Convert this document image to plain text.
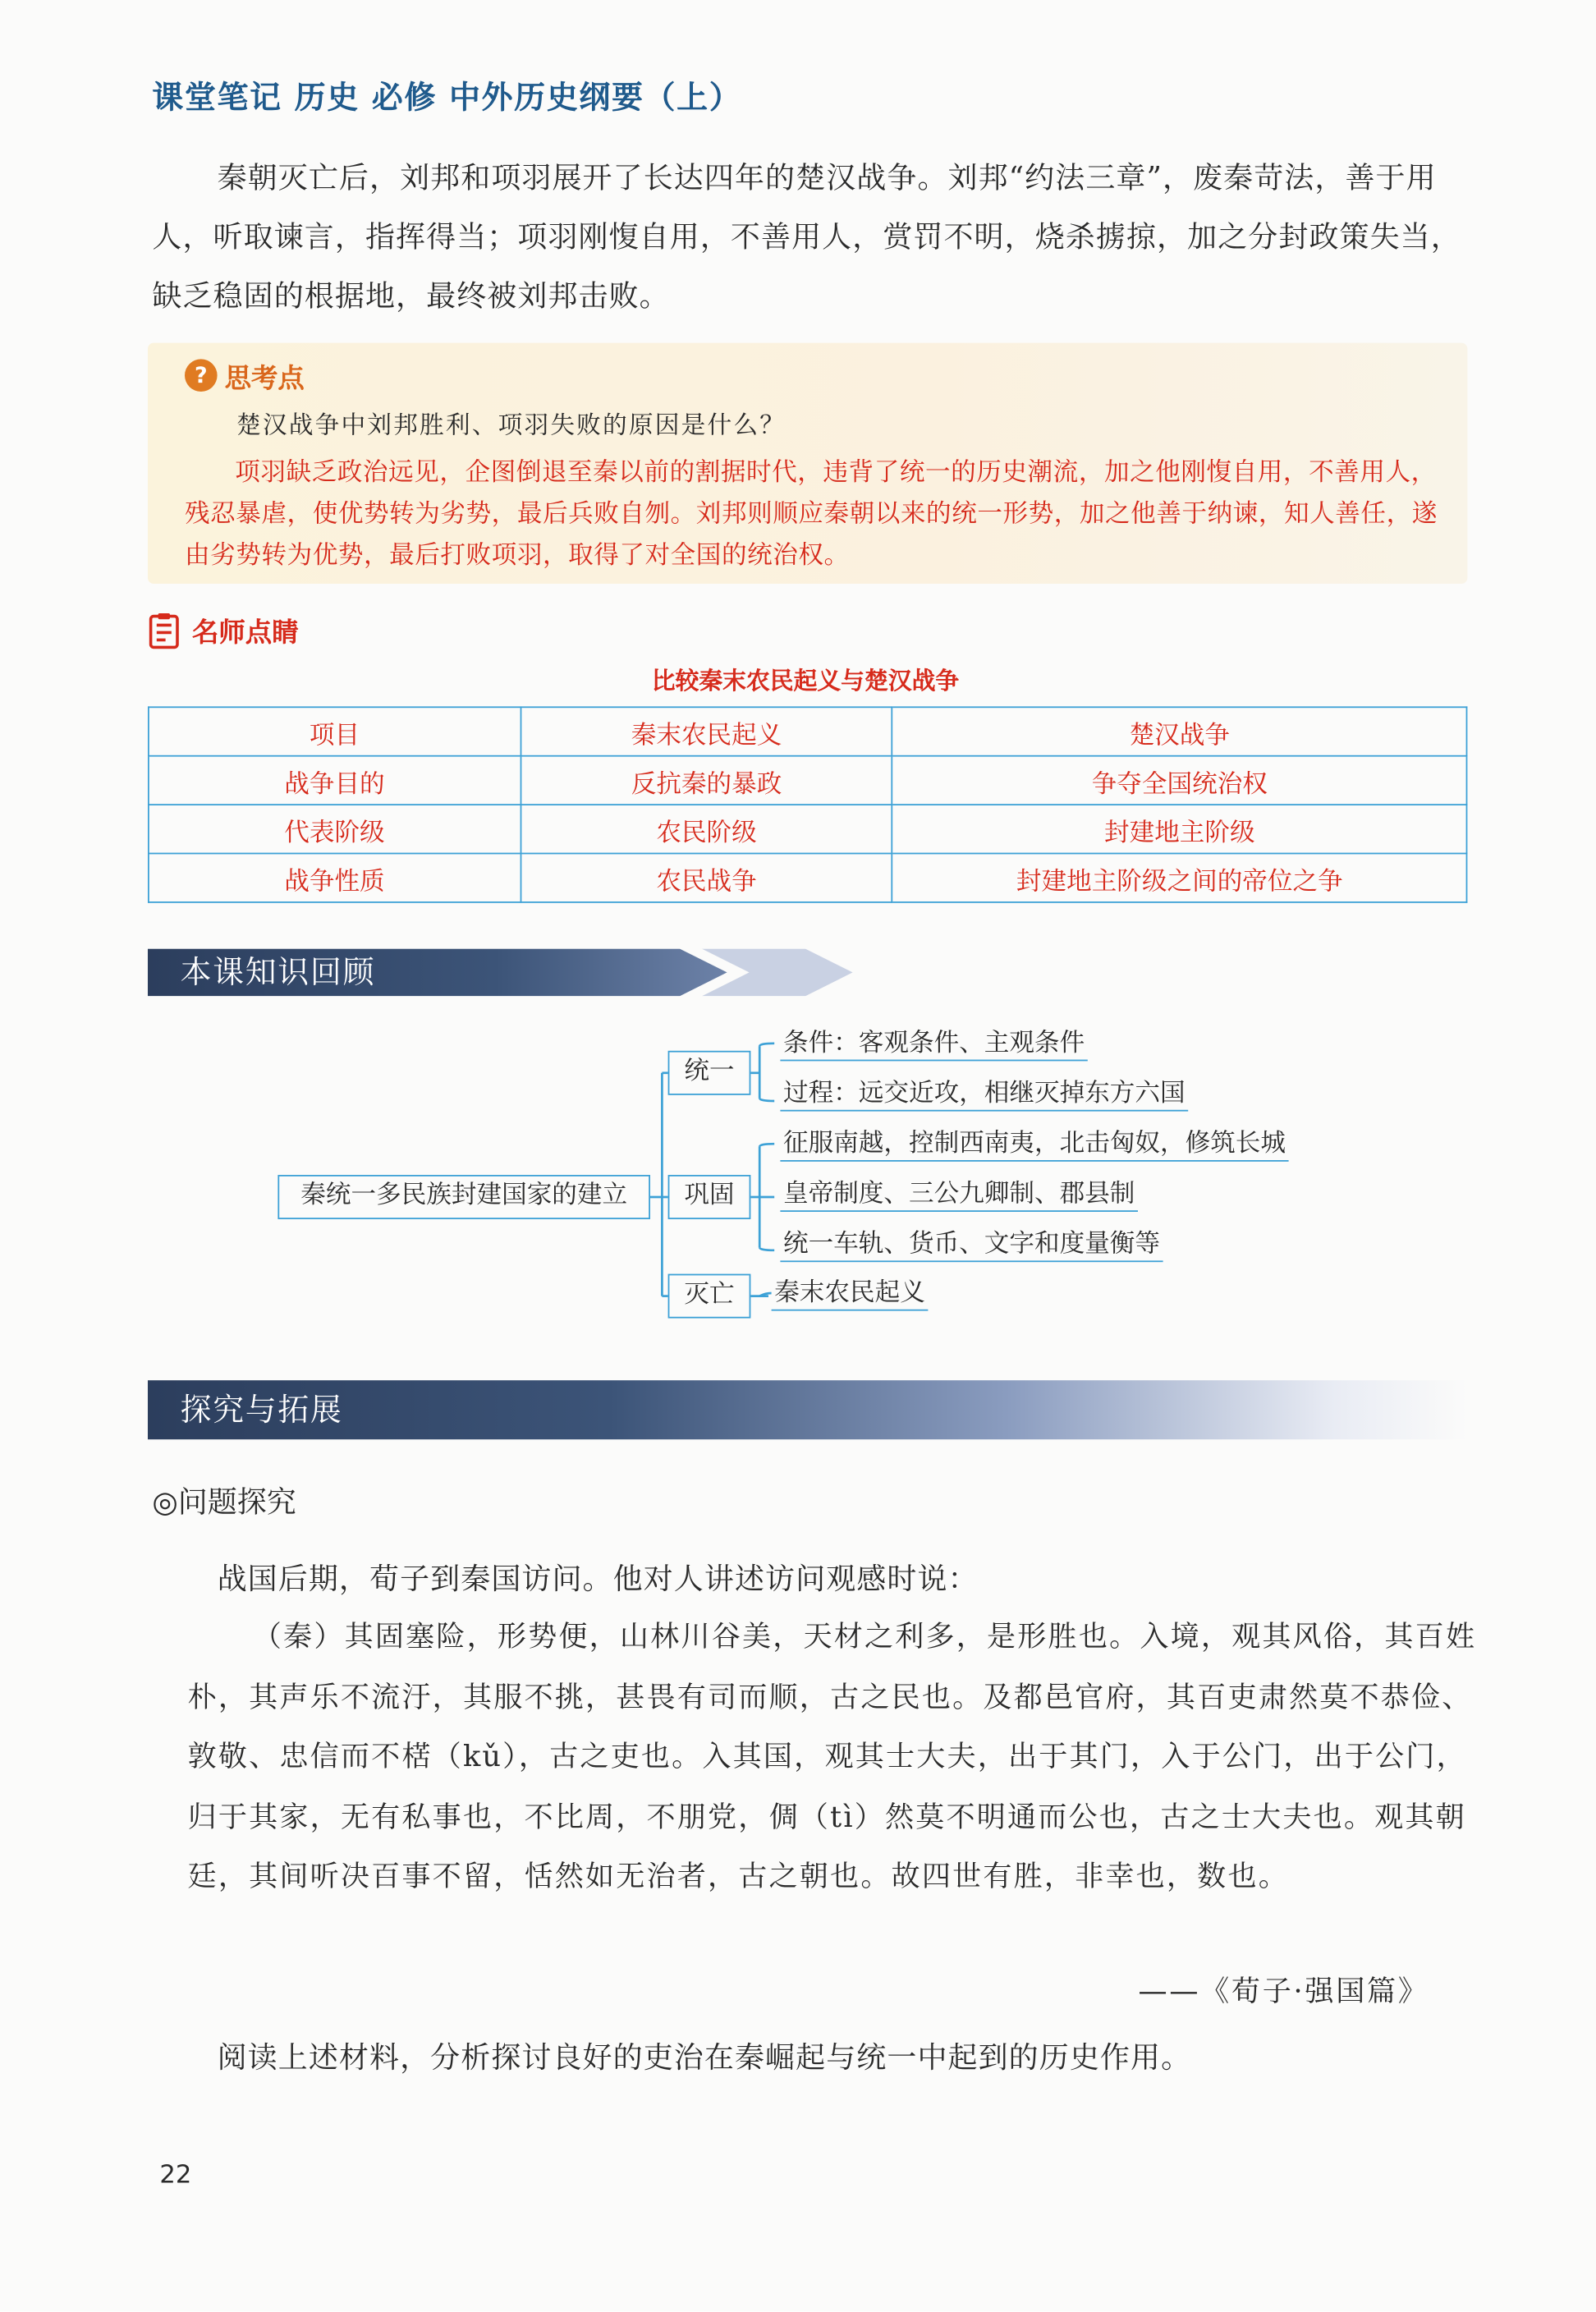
课堂笔记 历史 必修 中外历史纲要（上）

秦朝灭亡后，刘邦和项羽展开了长达四年的楚汉战争。刘邦“约法三章”，废秦苛法，善于用人，听取谏言，指挥得当；项羽刚愎自用，不善用人，赏罚不明，烧杀掳掠，加之分封政策失当，缺乏稳固的根据地，最终被刘邦击败。

?	思考点
楚汉战争中刘邦胜利、项羽失败的原因是什么？

项羽缺乏政治远见，企图倒退至秦以前的割据时代，违背了统一的历史潮流，加之他刚愎自用，不善用人，残忍暴虐，使优势转为劣势，最后兵败自刎。刘邦则顺应秦朝以来的统一形势，加之他善于纳谏，知人善任，遂由劣势转为优势，最后打败项羽，取得了对全国的统治权。

名师点睛
比较秦末农民起义与楚汉战争
项目	秦末农民起义	楚汉战争
战争目的	反抗秦的暴政	争夺全国统治权
代表阶级	农民阶级	封建地主阶级
战争性质	农民战争	封建地主阶级之间的帝位之争
本课知识回顾
秦统一多民族封建国家的建立
统一
巩固
灭亡
条件：客观条件、主观条件
过程：远交近攻，相继灭掉东方六国
征服南越，控制西南夷，北击匈奴，修筑长城
皇帝制度、三公九卿制、郡县制
统一车轨、货币、文字和度量衡等
秦末农民起义
探究与拓展
◎问题探究

战国后期，荀子到秦国访问。他对人讲述访问观感时说：

（秦）其固塞险，形势便，山林川谷美，天材之利多，是形胜也。入境，观其风俗，其百姓朴，其声乐不流汙，其服不挑，甚畏有司而顺，古之民也。及都邑官府，其百吏肃然莫不恭俭、敦敬、忠信而不楛（kǔ），古之吏也。入其国，观其士大夫，出于其门，入于公门，出于公门，归于其家，无有私事也，不比周，不朋党，倜（tì）然莫不明通而公也，古之士大夫也。观其朝廷，其间听决百事不留，恬然如无治者，古之朝也。故四世有胜，非幸也，数也。

——《荀子·强国篇》

阅读上述材料，分析探讨良好的吏治在秦崛起与统一中起到的历史作用。

22
